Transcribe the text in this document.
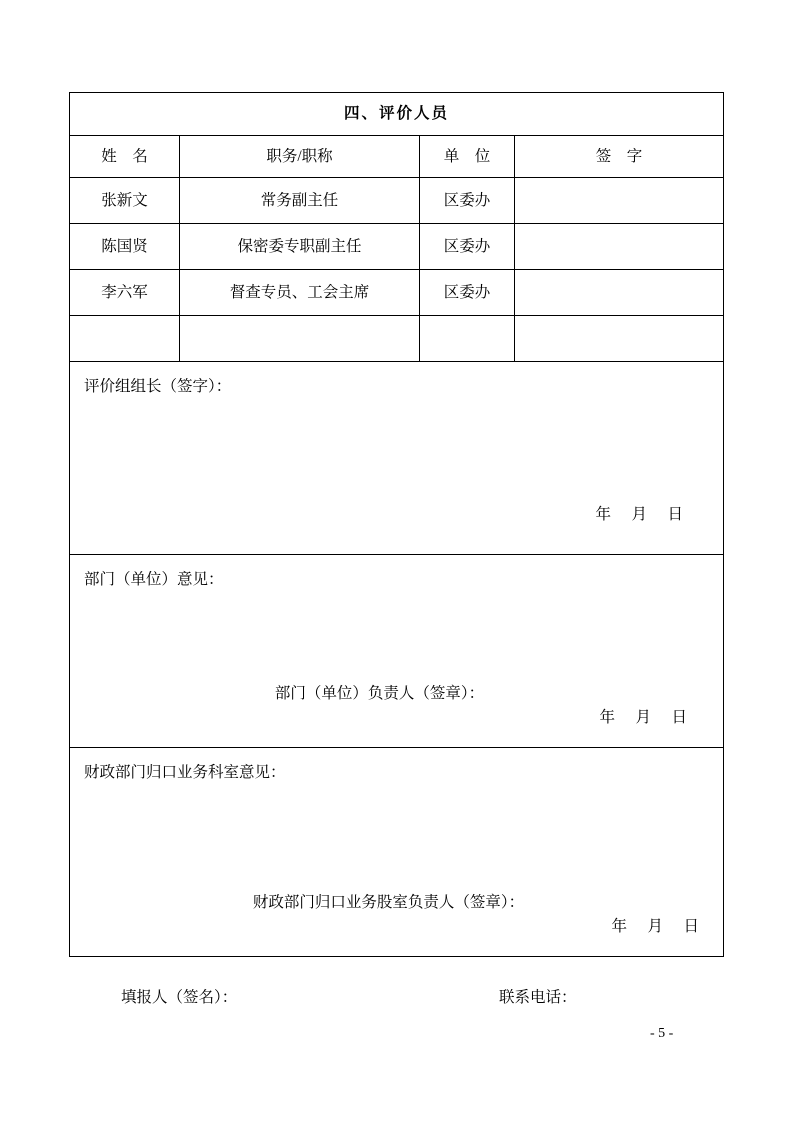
四、评价人员			
姓　名	职务/职称	单　位	签　字
张新文	常务副主任	区委办	
陈国贤	保密委专职副主任	区委办	
李六军	督查专员、工会主席	区委办	

评价组组长（签字）：
年 月 日			

部门（单位）意见：
部门（单位）负责人（签章）：
年 月 日			

财政部门归口业务科室意见：
财政部门归口业务股室负责人（签章）：
年 月 日			
填报人（签名）：	联系电话：
- 5 -
